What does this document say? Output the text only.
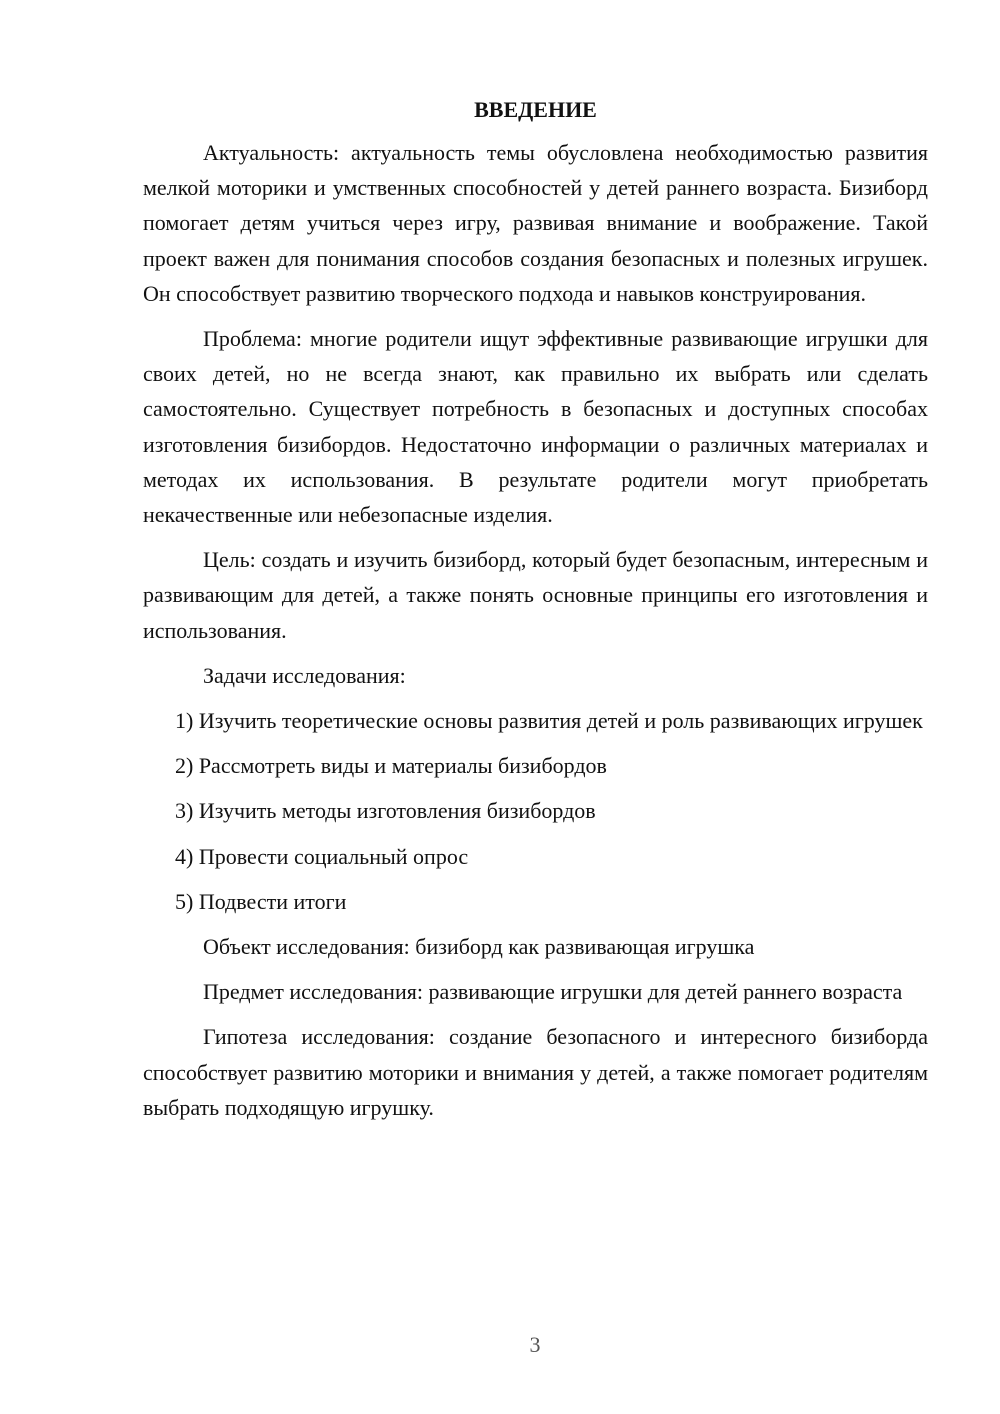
ВВЕДЕНИЕ

Актуальность: актуальность темы обусловлена необходимостью развития мелкой моторики и умственных способностей у детей раннего возраста. Бизиборд помогает детям учиться через игру, развивая внимание и воображение. Такой проект важен для понимания способов создания безопасных и полезных игрушек. Он способствует развитию творческого подхода и навыков конструирования.

Проблема: многие родители ищут эффективные развивающие игрушки для своих детей, но не всегда знают, как правильно их выбрать или сделать самостоятельно. Существует потребность в безопасных и доступных способах изготовления бизибордов. Недостаточно информации о различных материалах и методах их использования. В результате родители могут приобретать некачественные или небезопасные изделия.

Цель: создать и изучить бизиборд, который будет безопасным, интересным и развивающим для детей, а также понять основные принципы его изготовления и использования.

Задачи исследования:

1) Изучить теоретические основы развития детей и роль развивающих игрушек

2) Рассмотреть виды и материалы бизибордов

3) Изучить методы изготовления бизибордов

4) Провести социальный опрос

5) Подвести итоги

Объект исследования: бизиборд как развивающая игрушка

Предмет исследования: развивающие игрушки для детей раннего возраста

Гипотеза исследования: создание безопасного и интересного бизиборда способствует развитию моторики и внимания у детей, а также помогает родителям выбрать подходящую игрушку.

3
